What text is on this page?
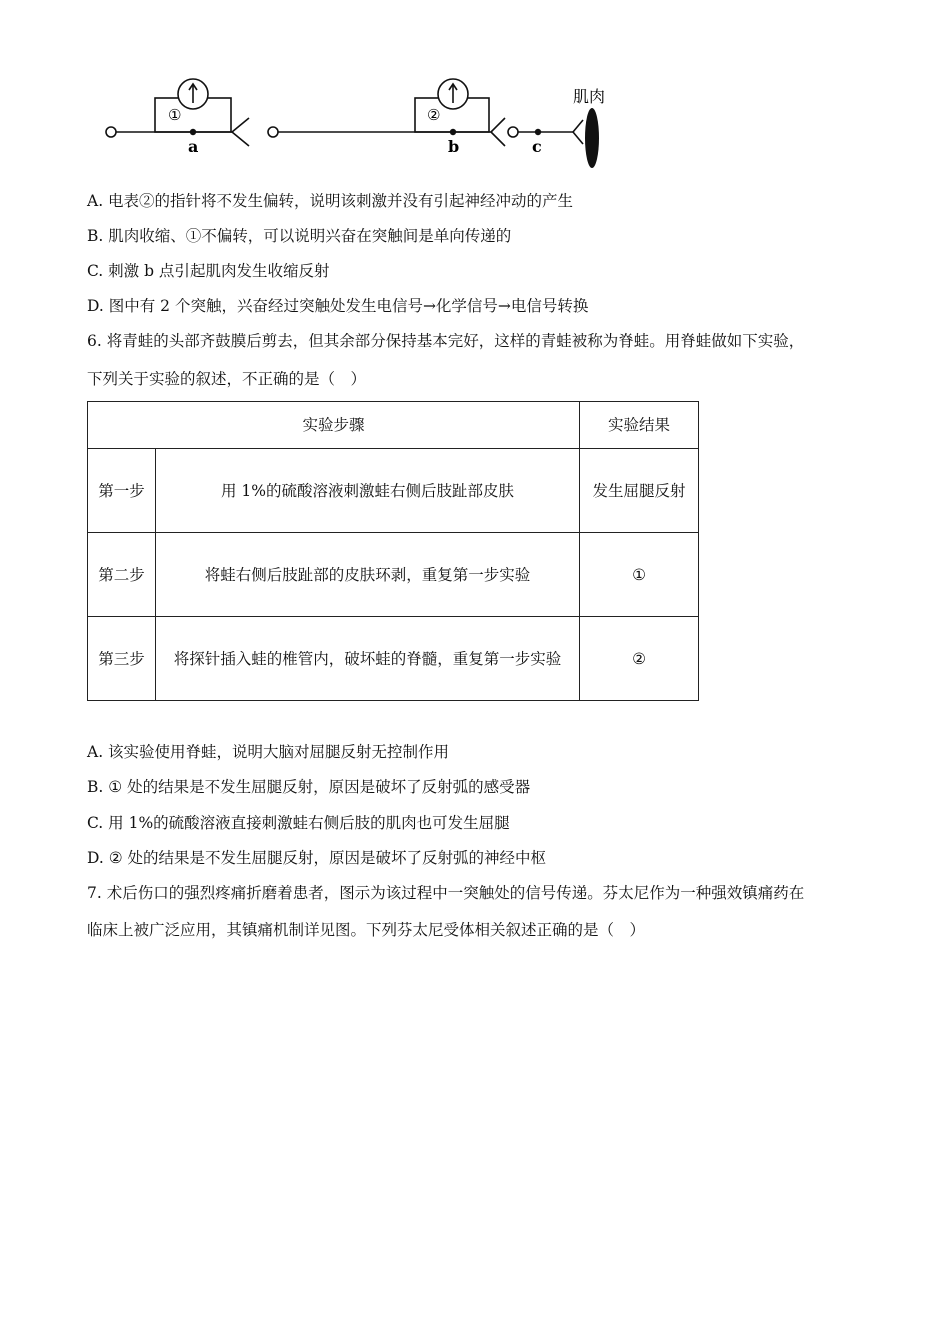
①	②
a	b	c
肌肉
A. 电表②的指针将不发生偏转，说明该刺激并没有引起神经冲动的产生
B. 肌肉收缩、①不偏转，可以说明兴奋在突触间是单向传递的
C. 刺激 b 点引起肌肉发生收缩反射
D. 图中有 2 个突触，兴奋经过突触处发生电信号→化学信号→电信号转换
6. 将青蛙的头部齐鼓膜后剪去，但其余部分保持基本完好，这样的青蛙被称为脊蛙。用脊蛙做如下实验，
下列关于实验的叙述，不正确的是（　）
实验步骤		实验结果
第一步	用 1%的硫酸溶液刺激蛙右侧后肢趾部皮肤	发生屈腿反射
第二步	将蛙右侧后肢趾部的皮肤环剥，重复第一步实验	①
第三步	将探针插入蛙的椎管内，破坏蛙的脊髓，重复第一步实验	②
A. 该实验使用脊蛙，说明大脑对屈腿反射无控制作用
B. ① 处的结果是不发生屈腿反射，原因是破坏了反射弧的感受器
C. 用 1%的硫酸溶液直接刺激蛙右侧后肢的肌肉也可发生屈腿
D. ② 处的结果是不发生屈腿反射，原因是破坏了反射弧的神经中枢
7. 术后伤口的强烈疼痛折磨着患者，图示为该过程中一突触处的信号传递。芬太尼作为一种强效镇痛药在
临床上被广泛应用，其镇痛机制详见图。下列芬太尼受体相关叙述正确的是（　）
